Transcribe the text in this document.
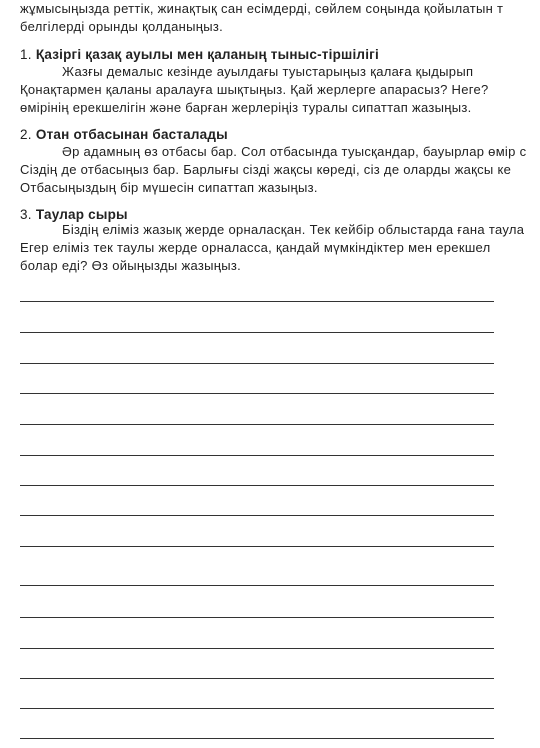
жұмысыңызда реттік, жинақтық сан есімдерді, сөйлем соңында қойылатын т
белгілерді орынды қолданыңыз.
1. Қазіргі қазақ ауылы мен қаланың тыныс-тіршілігі
Жазғы демалыс кезінде ауылдағы туыстарыңыз қалаға қыдырып
Қонақтармен қаланы аралауға шықтыңыз. Қай жерлерге апарасыз? Неге?
өмірінің ерекшелігін және барған жерлеріңіз туралы сипаттап жазыңыз.
2. Отан отбасынан басталады
Әр адамның өз отбасы бар. Сол отбасында туысқандар, бауырлар өмір с
Сіздің де отбасыңыз бар. Барлығы сізді жақсы көреді, сіз де оларды жақсы ке
Отбасыңыздың бір мүшесін сипаттап жазыңыз.
3. Таулар сыры
Біздің еліміз жазық жерде орналасқан. Тек кейбір облыстарда ғана таула
Егер еліміз тек таулы жерде орналасса, қандай мүмкіндіктер мен ерекшел
болар еді? Өз ойыңызды жазыңыз.
